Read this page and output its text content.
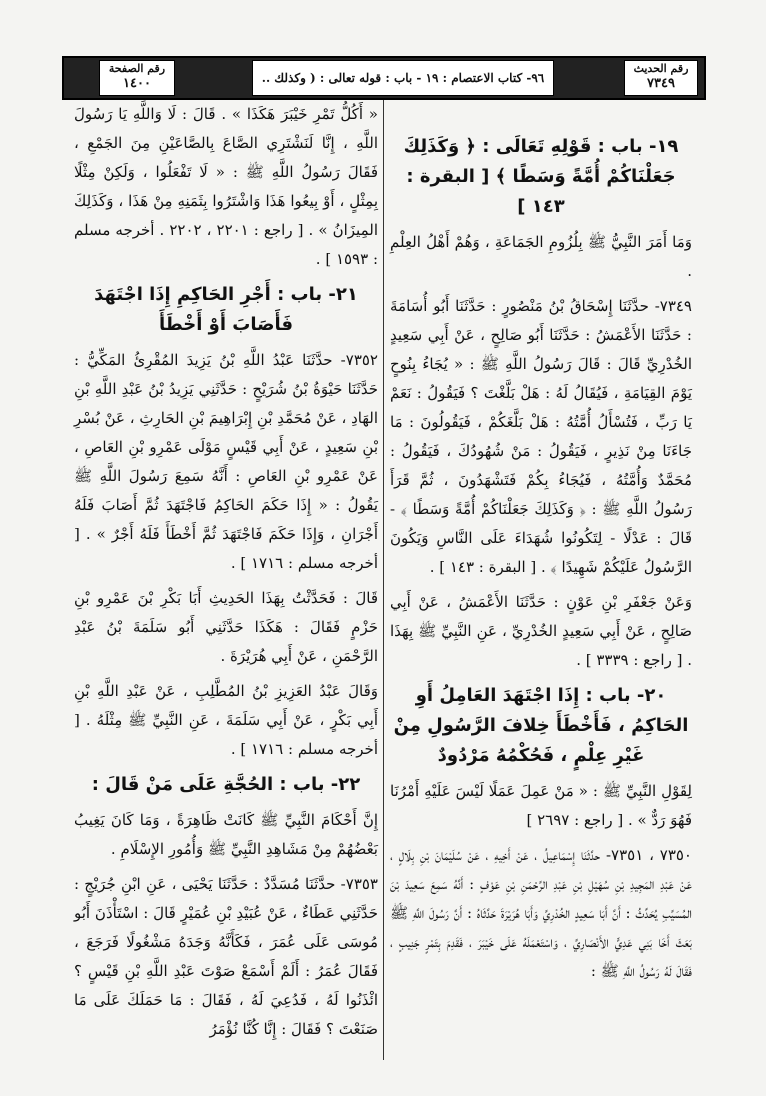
رقم الحديث
٧٣٤٩
٩٦- كتاب الاعتصام : ١٩ - باب : قوله تعالى : ( وكذلك ..
رقم الصفحة
١٤٠٠
١٩- باب : قَوْلِهِ تَعَالَى : ﴿ وَكَذَلِكَ جَعَلْنَاكُمْ أُمَّةً وَسَطًا ﴾ [ البقرة : ١٤٣ ]

وَمَا أَمَرَ النَّبِيُّ ﷺ بِلُزُومِ الجَمَاعَةِ ، وَهُمْ أَهْلُ العِلْمِ .

٧٣٤٩- حدَّثَنَا إِسْحَاقُ بْنُ مَنْصُورٍ : حَدَّثَنَا أَبُو أُسَامَةَ : حَدَّثَنَا الأَعْمَشُ : حَدَّثَنَا أَبُو صَالِحٍ ، عَنْ أَبِي سَعِيدٍ الخُدْرِيِّ قَالَ : قَالَ رَسُولُ اللَّهِ ﷺ : « يُجَاءُ بِنُوحٍ يَوْمَ القِيَامَةِ ، فَيُقَالُ لَهُ : هَلْ بَلَّغْتَ ؟ فَيَقُولُ : نَعَمْ يَا رَبِّ ، فَتُسْأَلُ أُمَّتُهُ : هَلْ بَلَّغَكُمْ ، فَيَقُولُونَ : مَا جَاءَنَا مِنْ نَذِيرٍ ، فَيَقُولُ : مَنْ شُهُودُكَ ، فَيَقُولُ : مُحَمَّدٌ وَأُمَّتُهُ ، فَيُجَاءُ بِكُمْ فَتَشْهَدُونَ ، ثُمَّ قَرَأَ رَسُولُ اللَّهِ ﷺ : ﴿ وَكَذَلِكَ جَعَلْنَاكُمْ أُمَّةً وَسَطًا ﴾ - قَالَ : عَدْلًا - لِتَكُونُوا شُهَدَاءَ عَلَى النَّاسِ وَيَكُونَ الرَّسُولُ عَلَيْكُمْ شَهِيدًا ﴾ . [ البقرة : ١٤٣ ] .

وَعَنْ جَعْفَرِ بْنِ عَوْنٍ : حَدَّثَنَا الأَعْمَشُ ، عَنْ أَبِي صَالِحٍ ، عَنْ أَبِي سَعِيدٍ الخُدْرِيِّ ، عَنِ النَّبِيِّ ﷺ بِهَذَا . [ راجع : ٣٣٣٩ ] .

٢٠- باب : إِذَا اجْتَهَدَ العَامِلُ أَوِ الحَاكِمُ ، فَأَخْطَأَ خِلافَ الرَّسُولِ مِنْ غَيْرِ عِلْمٍ ، فَحُكْمُهُ مَرْدُودٌ

لِقَوْلِ النَّبِيِّ ﷺ : « مَنْ عَمِلَ عَمَلًا لَيْسَ عَلَيْهِ أَمْرُنَا فَهُوَ رَدٌّ » . [ راجع : ٢٦٩٧ ]

٧٣٥٠ ، ٧٣٥١- حدَّثَنَا إِسْمَاعِيلُ ، عَنْ أَخِيهِ ، عَنْ سُلَيْمَانَ بْنِ بِلَالٍ ، عَنْ عَبْدِ المَجِيدِ بْنِ سُهَيْلِ بْنِ عَبْدِ الرَّحْمَنِ بْنِ عَوْفٍ : أَنَّهُ سَمِعَ سَعِيدَ بْنَ المُسَيَّبِ يُحَدِّثُ : أَنَّ أَبَا سَعِيدٍ الخُدْرِيَّ وَأَبَا هُرَيْرَةَ حَدَّثَاهُ : أَنَّ رَسُولَ اللَّهِ ﷺ بَعَثَ أَخَا بَنِي عَدِيٍّ الأَنْصَارِيَّ ، وَاسْتَعْمَلَهُ عَلَى خَيْبَرَ ، فَقَدِمَ بِتَمْرٍ جَنِيبٍ ، فَقَالَ لَهُ رَسُولُ اللَّهِ ﷺ :

« أَكُلُّ تَمْرِ خَيْبَرَ هَكَذَا » . قَالَ : لَا وَاللَّهِ يَا رَسُولَ اللَّهِ ، إِنَّا لَنَشْتَرِي الصَّاعَ بِالصَّاعَيْنِ مِنَ الجَمْعِ ، فَقَالَ رَسُولُ اللَّهِ ﷺ : « لَا تَفْعَلُوا ، وَلَكِنْ مِثْلًا بِمِثْلٍ ، أَوْ بِيعُوا هَذَا وَاشْتَرُوا بِثَمَنِهِ مِنْ هَذَا ، وَكَذَلِكَ المِيزَانُ » . [ راجع : ٢٢٠١ ، ٢٢٠٢ . أخرجه مسلم : ١٥٩٣ ] .

٢١- باب : أَجْرِ الحَاكِمِ إِذَا اجْتَهَدَ فَأَصَابَ أَوْ أَخْطَأَ

٧٣٥٢- حدَّثَنَا عَبْدُ اللَّهِ بْنُ يَزِيدَ المُقْرِئُ المَكِّيُّ : حَدَّثَنَا حَيْوَةُ بْنُ شُرَيْحٍ : حَدَّثَنِي يَزِيدُ بْنُ عَبْدِ اللَّهِ بْنِ الهَادِ ، عَنْ مُحَمَّدِ بْنِ إِبْرَاهِيمَ بْنِ الحَارِثِ ، عَنْ بُسْرِ بْنِ سَعِيدٍ ، عَنْ أَبِي قَيْسٍ مَوْلَى عَمْرِو بْنِ العَاصِ ، عَنْ عَمْرِو بْنِ العَاصِ : أَنَّهُ سَمِعَ رَسُولَ اللَّهِ ﷺ يَقُولُ : « إِذَا حَكَمَ الحَاكِمُ فَاجْتَهَدَ ثُمَّ أَصَابَ فَلَهُ أَجْرَانِ ، وَإِذَا حَكَمَ فَاجْتَهَدَ ثُمَّ أَخْطَأَ فَلَهُ أَجْرٌ » . [ أخرجه مسلم : ١٧١٦ ] .

قَالَ : فَحَدَّثْتُ بِهَذَا الحَدِيثِ أَبَا بَكْرِ بْنَ عَمْرِو بْنِ حَزْمٍ فَقَالَ : هَكَذَا حَدَّثَنِي أَبُو سَلَمَةَ بْنُ عَبْدِ الرَّحْمَنِ ، عَنْ أَبِي هُرَيْرَةَ .

وَقَالَ عَبْدُ العَزِيزِ بْنُ المُطَّلِبِ ، عَنْ عَبْدِ اللَّهِ بْنِ أَبِي بَكْرٍ ، عَنْ أَبِي سَلَمَةَ ، عَنِ النَّبِيِّ ﷺ مِثْلَهُ . [ أخرجه مسلم : ١٧١٦ ] .

٢٢- باب : الحُجَّةِ عَلَى مَنْ قَالَ :

إِنَّ أَحْكَامَ النَّبِيِّ ﷺ كَانَتْ ظَاهِرَةً ، وَمَا كَانَ يَغِيبُ بَعْضُهُمْ مِنْ مَشَاهِدِ النَّبِيِّ ﷺ وَأُمُورِ الإِسْلَامِ .

٧٣٥٣- حدَّثَنَا مُسَدَّدٌ : حَدَّثَنَا يَحْيَى ، عَنِ ابْنِ جُرَيْجٍ : حَدَّثَنِي عَطَاءٌ ، عَنْ عُبَيْدِ بْنِ عُمَيْرٍ قَالَ : اسْتَأْذَنَ أَبُو مُوسَى عَلَى عُمَرَ ، فَكَأَنَّهُ وَجَدَهُ مَشْغُولًا فَرَجَعَ ، فَقَالَ عُمَرُ : أَلَمْ أَسْمَعْ صَوْتَ عَبْدِ اللَّهِ بْنِ قَيْسٍ ؟ ائْذَنُوا لَهُ ، فَدُعِيَ لَهُ ، فَقَالَ : مَا حَمَلَكَ عَلَى مَا صَنَعْتَ ؟ فَقَالَ : إِنَّا كُنَّا نُؤْمَرُ
